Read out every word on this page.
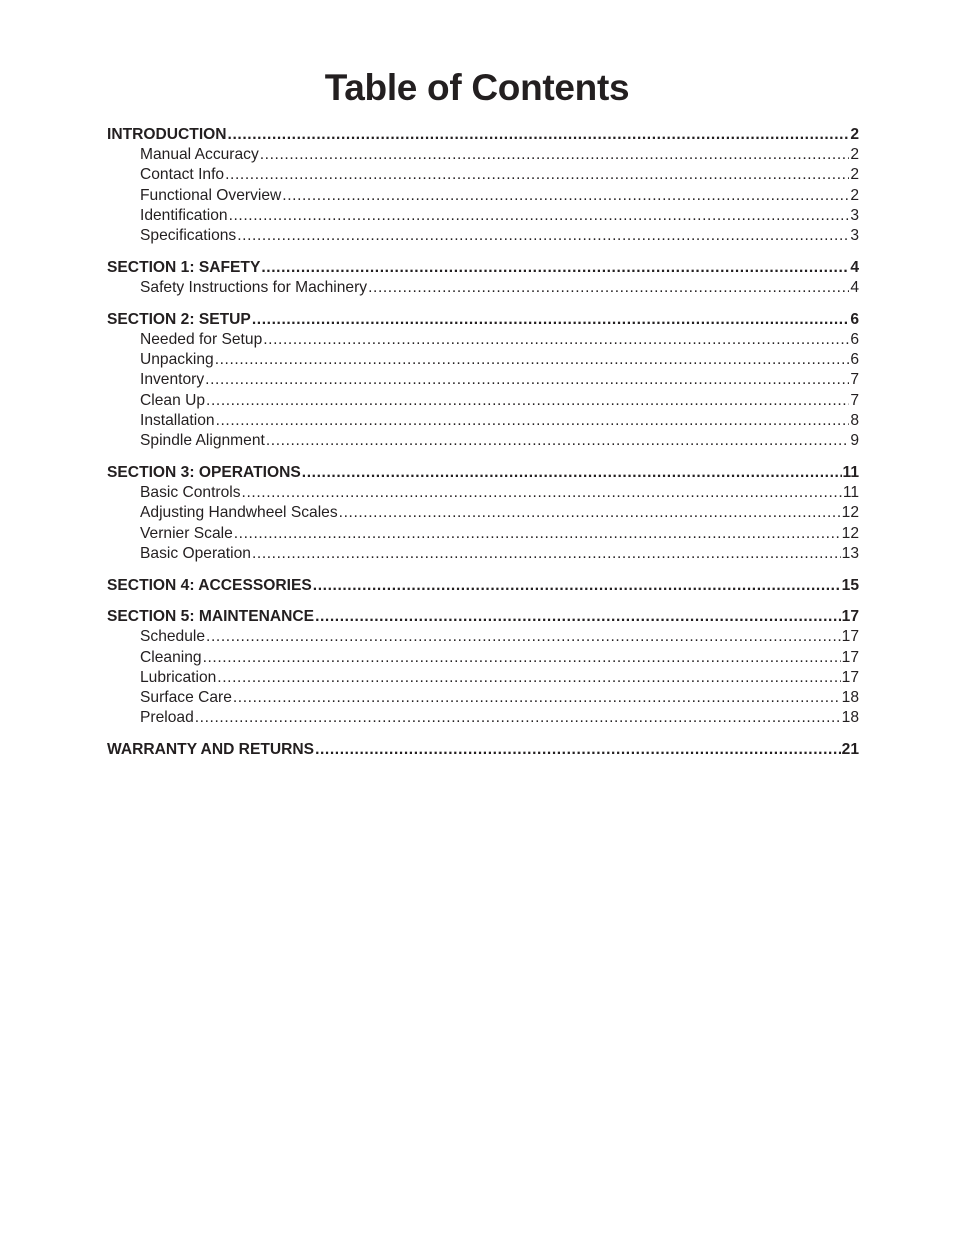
Table of Contents
INTRODUCTION .....	2
Manual Accuracy .....	2
Contact Info .....	2
Functional Overview .....	2
Identification .....	3
Specifications .....	3
SECTION 1: SAFETY .....	4
Safety Instructions for Machinery .....	4
SECTION 2: SETUP .....	6
Needed for Setup .....	6
Unpacking .....	6
Inventory .....	7
Clean Up .....	7
Installation .....	8
Spindle Alignment .....	9
SECTION 3: OPERATIONS .....	11
Basic Controls .....	11
Adjusting Handwheel Scales .....	12
Vernier Scale .....	12
Basic Operation .....	13
SECTION 4: ACCESSORIES .....	15
SECTION 5: MAINTENANCE .....	17
Schedule .....	17
Cleaning .....	17
Lubrication .....	17
Surface Care .....	18
Preload .....	18
WARRANTY AND RETURNS .....	21
